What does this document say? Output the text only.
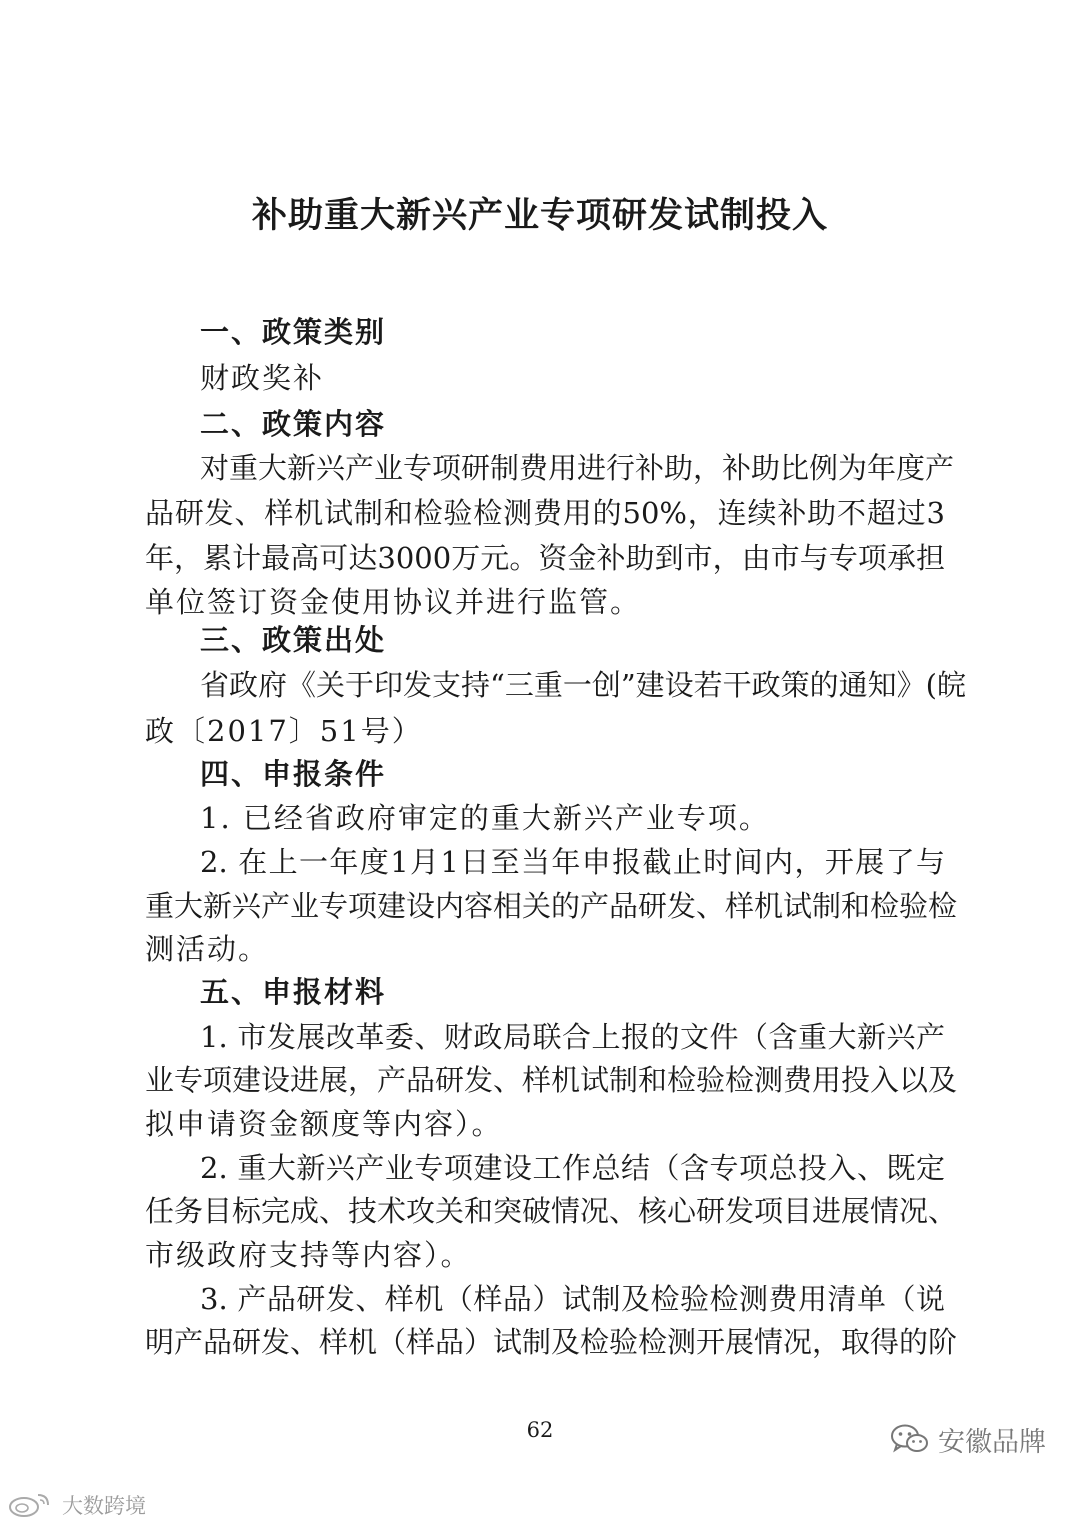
补助重大新兴产业专项研发试制投入
一、政策类别
财政奖补
二、政策内容
对重大新兴产业专项研制费用进行补助，补助比例为年度产
品研发、样机试制和检验检测费用的50%，连续补助不超过3
年，累计最高可达3000万元。资金补助到市，由市与专项承担
单位签订资金使用协议并进行监管。
三、政策出处
省政府《关于印发支持“三重一创”建设若干政策的通知》(皖
政〔2017〕51号）
四、申报条件
1. 已经省政府审定的重大新兴产业专项。
2. 在上一年度1月1日至当年申报截止时间内，开展了与
重大新兴产业专项建设内容相关的产品研发、样机试制和检验检
测活动。
五、申报材料
1. 市发展改革委、财政局联合上报的文件（含重大新兴产
业专项建设进展，产品研发、样机试制和检验检测费用投入以及
拟申请资金额度等内容）。
2. 重大新兴产业专项建设工作总结（含专项总投入、既定
任务目标完成、技术攻关和突破情况、核心研发项目进展情况、
市级政府支持等内容）。
3. 产品研发、样机（样品）试制及检验检测费用清单（说
明产品研发、样机（样品）试制及检验检测开展情况，取得的阶
62	安徽品牌
大数跨境
